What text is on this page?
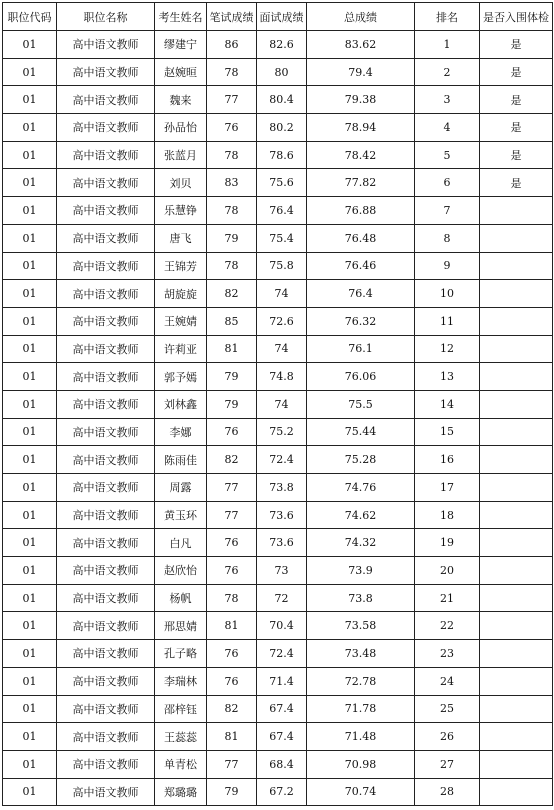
职位代码	职位名称	考生姓名	笔试成绩	面试成绩	总成绩	排名	是否入围体检
01	高中语文教师	缪建宁	86	82.6	83.62	1	是
01	高中语文教师	赵婉晅	78	80	79.4	2	是
01	高中语文教师	魏来	77	80.4	79.38	3	是
01	高中语文教师	孙品怡	76	80.2	78.94	4	是
01	高中语文教师	张蓝月	78	78.6	78.42	5	是
01	高中语文教师	刘贝	83	75.6	77.82	6	是
01	高中语文教师	乐慧铮	78	76.4	76.88	7	
01	高中语文教师	唐飞	79	75.4	76.48	8	
01	高中语文教师	王锦芳	78	75.8	76.46	9	
01	高中语文教师	胡旋旋	82	74	76.4	10	
01	高中语文教师	王婉婧	85	72.6	76.32	11	
01	高中语文教师	许莉亚	81	74	76.1	12	
01	高中语文教师	郭予嫣	79	74.8	76.06	13	
01	高中语文教师	刘林鑫	79	74	75.5	14	
01	高中语文教师	李娜	76	75.2	75.44	15	
01	高中语文教师	陈雨佳	82	72.4	75.28	16	
01	高中语文教师	周露	77	73.8	74.76	17	
01	高中语文教师	黄玉环	77	73.6	74.62	18	
01	高中语文教师	白凡	76	73.6	74.32	19	
01	高中语文教师	赵欣怡	76	73	73.9	20	
01	高中语文教师	杨帆	78	72	73.8	21	
01	高中语文教师	邢思婧	81	70.4	73.58	22	
01	高中语文教师	孔子略	76	72.4	73.48	23	
01	高中语文教师	李瑞林	76	71.4	72.78	24	
01	高中语文教师	邵梓钰	82	67.4	71.78	25	
01	高中语文教师	王蕊蕊	81	67.4	71.48	26	
01	高中语文教师	单青松	77	68.4	70.98	27	
01	高中语文教师	郑璐璐	79	67.2	70.74	28	
